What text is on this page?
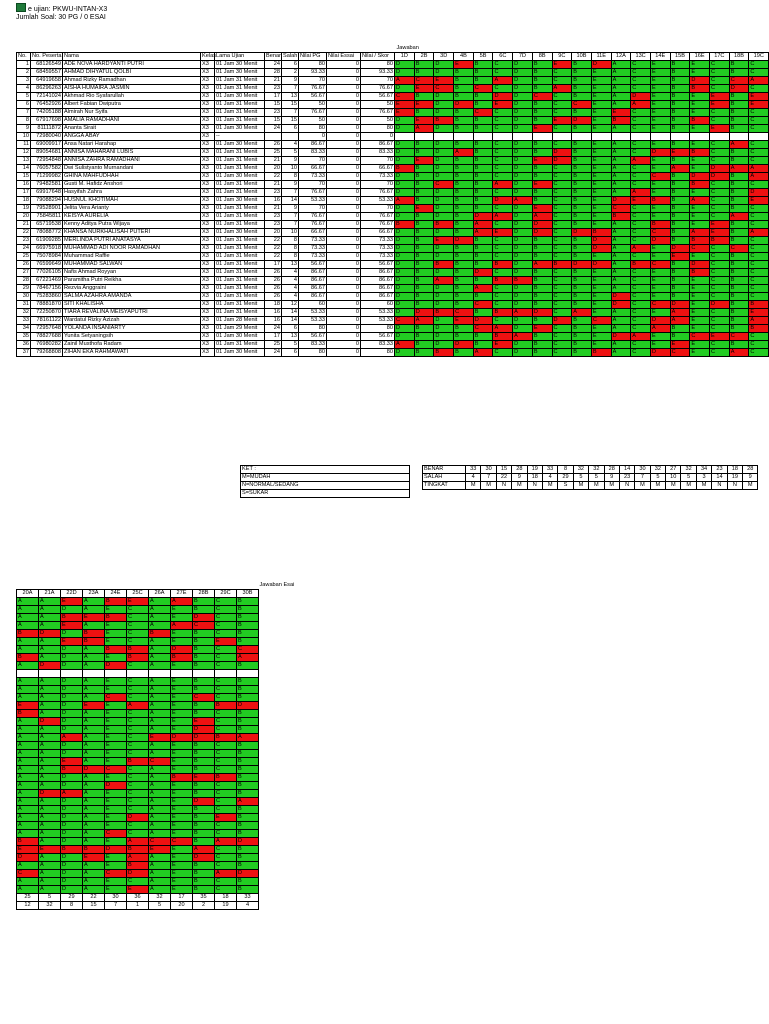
e ujian: PKWU-INTAN-X3
Jumlah Soal: 30 PG / 0 ESAI
										Jawaban																		
No.	No. Peserta	Nama	Kelas	Lama Ujian	Benar	Salah	Nilai PG	Nilai Essai	Nilai / Skor	1D	2B	3D	4B	5B	6C	7D	8B	9C	10B	11E	12A	13C	14E	15B	16E	17C	18B	19C
1	68126549	ADE NOVA HARDYANTI PUTRI	X3	01 Jam 30 Menit	24	6	80	0	80	D	B	D	E	B	C	D	B	E	B	D	A	C	E	B	E	C	B	C
2	68459557	AHMAD DIHYATUL QOLBI	X3	01 Jam 30 Menit	28	2	93.33	0	93.33	D	B	D	B	B	C	D	B	C	B	E	A	C	E	B	E	C	B	C
3	64919658	Ahmad Rizky Ramadhan	X3	01 Jam 31 Menit	21	9	70	0	70	A	C	E	B	B	A	D	B	C	B	E	A	C	E	B	D	C	C	A
4	86296263	AISHA HUMAIRA JASMIN	X3	01 Jam 31 Menit	23	7	76.67	0	76.67	D	E	C	B	C	C	D	B	A	B	E	A	C	E	B	B	C	D	C
5	72141024	Akhmad Rio Syafarullah	X3	01 Jam 30 Menit	17	13	56.67	0	56.67	C	B	D	B	B	D	D	C	C	B	E	A	D	E	B	E	E	B	E
6	76452926	Albert Fabian Dwiputra	X3	01 Jam 31 Menit	15	15	50	0	50	E	E	D	D	B	E	D	B	C	C	E	A	A	E	B	E	E	B	E
7	74205188	Almirah Nur Syifa	X3	01 Jam 31 Menit	23	7	76.67	0	76.67	E	B	D	B	C	C	D	B	C	B	E	E	C	E	B	E	C	B	C
8	67917698	AMALIA RAMADHANI	X3	01 Jam 31 Menit	15	15	50	0	50	D	E	B	B	B	C	D	B	E	D	E	B	C	E	B	B	C	B	C
9	81111872	Ananta Sirait	X3	01 Jam 30 Menit	24	6	80	0	80	D	A	D	B	B	C	D	E	C	B	E	A	C	E	B	E	E	B	C
10	72980040	ANGGA ABAY	X3	--			0	0	0																			
11	69009917	Ansa Natari Harahap	X3	01 Jam 30 Menit	26	4	86.67	0	86.67	D	B	D	B	B	C	D	B	C	B	E	A	C	E	B	E	C	A	C
12	89054681	ANNISA MAHARANI LUBIS	X3	01 Jam 31 Menit	25	5	83.33	0	83.33	D	B	D	A	B	C	D	B	D	B	E	A	C	D	E	B	C	B	C
13	72954848	ANNISA ZAHRA RAMADHANI	X3	01 Jam 31 Menit	21	9	70	0	70	D	E	D	B	B	C	D	E	D	B	E	A	A	E	B	E	C	B	C
14	76057582	Dwi Sulistyanto Murnandani	X3	01 Jam 31 Menit	20	10	66.67	0	66.67	B	B	D	B	B	C	D	B	C	B	E	A	C	E	A	E	D	A	A
15	71299982	GHINA MAHFUDHAH	X3	01 Jam 30 Menit	22	8	73.33	0	73.33	D	B	D	B	B	C	D	B	C	B	E	A	C	C	B	D	D	B	A
16	79482581	Gusti M. Hafidz Anshori	X3	01 Jam 31 Menit	21	9	70	0	70	D	B	C	B	B	A	D	E	C	B	E	A	C	E	B	B	C	B	C
17	69917648	Hasyifah Zahra	X3	01 Jam 31 Menit	23	7	76.67	0	76.67	D	B	D	B	B	C	D	B	C	B	E	A	A	E	B	E	C	B	D
18	79088294	HUSNUL KHOTIMAH	X3	01 Jam 30 Menit	16	14	53.33	0	53.33	A	B	D	B	B	D	A	B	C	B	E	D	E	B	B	A	C	B	E
19	79528901	Jelita Vera Arianty	X3	01 Jam 31 Menit	21	9	70	0	70	D	E	D	B	B	C	D	E	C	B	E	C	C	E	B	E	C	B	C
20	75845811	KEISYA AURELIA	X3	01 Jam 31 Menit	23	7	76.67	0	76.67	D	B	D	B	D	A	D	A	C	B	E	B	C	E	B	E	C	A	C
21	65719538	Kenny Aditya Putra Wijaya	X3	01 Jam 31 Menit	23	7	76.67	0	76.67	B	B	B	B	A	C	D	D	C	B	E	A	C	B	B	E	E	B	C
22	78088772	KHANSA NURKHALISAH PUTERI	X3	01 Jam 30 Menit	20	10	66.67	0	66.67	D	B	D	B	A	E	D	D	C	D	B	A	C	C	B	A	E	B	A
23	61909285	MERLINDA PUTRI ANATASYA	X3	01 Jam 31 Menit	22	8	73.33	0	73.33	D	B	E	D	B	C	D	B	C	B	D	A	C	D	B	B	B	B	C
24	66975918	MUHAMMAD ADI NOOR RAMADHAN	X3	01 Jam 31 Menit	22	8	73.33	0	73.33	D	B	D	B	B	C	D	B	C	B	D	A	A	E	D	C	C	C	C
25	75078984	Muhammad Raffie	X3	01 Jam 31 Menit	22	8	73.33	0	73.33	D	B	D	B	B	C	D	B	C	B	E	A	C	E	E	E	C	B	C
26	76599649	MUHAMMAD SALWAN	X3	01 Jam 31 Menit	17	13	56.67	0	56.67	D	B	B	B	B	B	D	A	B	D	D	A	B	C	B	D	C	B	C
27	77026105	Nafis Ahmad Royyan	X3	01 Jam 31 Menit	26	4	86.67	0	86.67	D	B	D	B	D	C	D	B	C	B	E	A	C	E	B	B	C	B	C
28	67221469	Paramitha Putri Reikha	X3	01 Jam 31 Menit	26	4	86.67	0	86.67	D	B	A	B	B	B	B	B	C	B	E	A	C	E	B	E	C	B	C
29	78467156	Rezvia Anggraini	X3	01 Jam 31 Menit	26	4	86.67	0	86.67	D	B	D	B	A	C	D	B	C	B	E	A	C	E	B	E	C	B	C
30	75283860	SALMA AZAHRA AMANDA	X3	01 Jam 31 Menit	26	4	86.67	0	86.67	D	B	D	B	B	C	D	B	C	B	E	D	C	E	B	E	C	B	C
31	78881870	SITI KHALISHA	X3	01 Jam 31 Menit	18	12	60	0	60	D	B	D	B	C	C	D	B	C	B	E	D	C	C	D	E	D	B	B
32	72250870	TIARA REVALINA MEISYAPUTRI	X3	01 Jam 31 Menit	16	14	53.33	0	53.33	D	D	B	C	B	B	A	D	C	A	E	A	C	E	A	E	C	B	E
33	78161122	Wardatul Rizky Azizah	X3	01 Jam 28 Menit	16	14	53.33	0	53.33	C	A	D	E	D	C	D	B	D	B	C	A	C	D	A	E	C	B	A
34	72957648	YOLANDA INSANIARTY	X3	01 Jam 29 Menit	24	6	80	0	80	D	B	D	B	C	A	D	E	C	B	E	A	C	A	B	E	C	B	B
35	78827688	Yunita Setyaningsih	X3	01 Jam 30 Menit	17	13	56.67	0	56.67	D	B	D	B	B	B	A	B	C	B	E	D	A	E	B	C	E	C	C
36	76980282	Zainil Musthofa Radam	X3	01 Jam 31 Menit	25	5	83.33	0	83.33	A	B	D	D	B	E	D	B	C	B	E	A	C	E	E	E	C	B	C
37	79268808	ZIHAN EKA RAHMAWATI	X3	01 Jam 30 Menit	24	6	80	0	80	D	B	B	B	A	C	D	B	C	B	B	A	C	D	C	E	C	A	C
KET :
M=MUDAH
N=NORMAL/SEDANG
S=SUKAR
BENAR	33	30	15	28	19	33	8	32	32	28	14	30	32	27	32	34	23	18	28
SALAH	4	7	22	9	18	4	29	5	5	9	23	7	5	10	5	3	14	19	9
TINGKAT	M	M	N	M	N	M	S	M	M	M	N	M	M	M	M	M	N	N	M
											Jawaban Esai
20A	21A	22D	23A	24E	25C	26A	27E	28B	29C	30B	
A	A	E	A	B	E	A	A	B	C	B	
A	A	D	A	E	C	A	E	B	C	B	
A	A	B	E	B	C	A	E	D	C	B	
A	A	E	A	E	C	A	A	C	C	B	
B	D	D	B	E	C	B	E	B	C	B	
A	A	E	B	E	C	A	E	B	E	B	
A	A	D	A	B	B	A	D	B	C	C	
B	A	D	A	E	B	A	B	B	C	A	
A	D	D	A	D	C	A	E	B	C	B	

A	A	D	A	E	C	A	E	B	C	B	
A	A	D	A	E	C	A	E	B	C	B	
A	A	D	A	C	C	A	E	C	C	B	
E	A	D	E	E	A	A	E	B	B	D	
B	A	D	A	E	C	A	E	B	C	B	
A	D	D	A	E	C	A	E	E	C	B	
A	A	D	A	E	C	A	E	D	C	B	
A	A	A	A	E	C	E	D	D	B	A	
A	A	D	A	E	C	A	E	B	C	B	
A	A	D	A	E	C	A	E	B	C	B	
A	A	E	A	E	B	C	E	B	C	B	
A	A	B	D	C	C	A	E	B	C	B	
A	A	D	A	E	C	A	B	E	B	B	
A	A	D	A	D	C	A	E	B	C	B	
A	D	A	A	E	C	A	E	B	C	B	
A	A	D	A	E	C	A	E	D	C	A	
A	A	D	A	E	C	A	E	B	C	B	
A	A	D	A	E	D	A	E	B	E	B	
A	A	D	A	E	C	A	E	B	C	B	
A	A	D	A	C	C	A	E	B	C	B	
B	A	D	A	E	A	C	C	B	A	D	
E	E	B	B	D	B	E	E	A	C	B	
D	A	D	E	E	A	A	E	D	C	B	
A	A	D	A	E	B	A	E	B	C	B	
C	A	D	A	C	D	A	E	B	A	D	
A	A	D	A	E	C	A	E	B	C	B	
A	A	D	A	E	E	A	E	B	C	B	
25	5	29	22	30	36	32	17	35	18	33	
12	32	8	15	7	1	5	20	2	19	4	
